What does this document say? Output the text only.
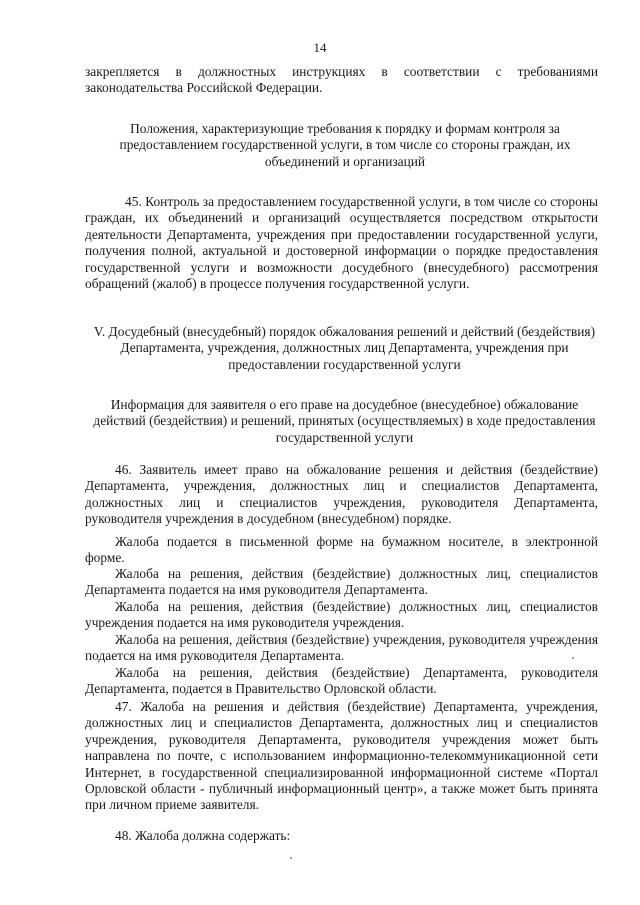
14
закрепляется в должностных инструкциях в соответствии с требованиями законодательства Российской Федерации.
Положения, характеризующие требования к порядку и формам контроля за предоставлением государственной услуги, в том числе со стороны граждан, их объединений и организаций
45. Контроль за предоставлением государственной услуги, в том числе со стороны граждан, их объединений и организаций осуществляется посредством открытости деятельности Департамента, учреждения при предоставлении государственной услуги, получения полной, актуальной и достоверной информации о порядке предоставления государственной услуги и возможности досудебного (внесудебного) рассмотрения обращений (жалоб) в процессе получения государственной услуги.
V. Досудебный (внесудебный) порядок обжалования решений и действий (бездействия) Департамента, учреждения, должностных лиц Департамента, учреждения при предоставлении государственной услуги
Информация для заявителя о его праве на досудебное (внесудебное) обжалование действий (бездействия) и решений, принятых (осуществляемых) в ходе предоставления государственной услуги
46. Заявитель имеет право на обжалование решения и действия (бездействие) Департамента, учреждения, должностных лиц и специалистов Департамента, должностных лиц и специалистов учреждения, руководителя Департамента, руководителя учреждения в досудебном (внесудебном) порядке.
Жалоба подается в письменной форме на бумажном носителе, в электронной форме.
Жалоба на решения, действия (бездействие) должностных лиц, специалистов Департамента подается на имя руководителя Департамента.
Жалоба на решения, действия (бездействие) должностных лиц, специалистов учреждения подается на имя руководителя учреждения.
Жалоба на решения, действия (бездействие) учреждения, руководителя учреждения подается на имя руководителя Департамента.
Жалоба на решения, действия (бездействие) Департамента, руководителя Департамента, подается в Правительство Орловской области.
47. Жалоба на решения и действия (бездействие) Департамента, учреждения, должностных лиц и специалистов Департамента, должностных лиц и специалистов учреждения, руководителя Департамента, руководителя учреждения может быть направлена по почте, с использованием информационно-телекоммуникационной сети Интернет, в государственной специализированной информационной системе «Портал Орловской области - публичный информационный центр», а также может быть принята при личном приеме заявителя.
48. Жалоба должна содержать:
